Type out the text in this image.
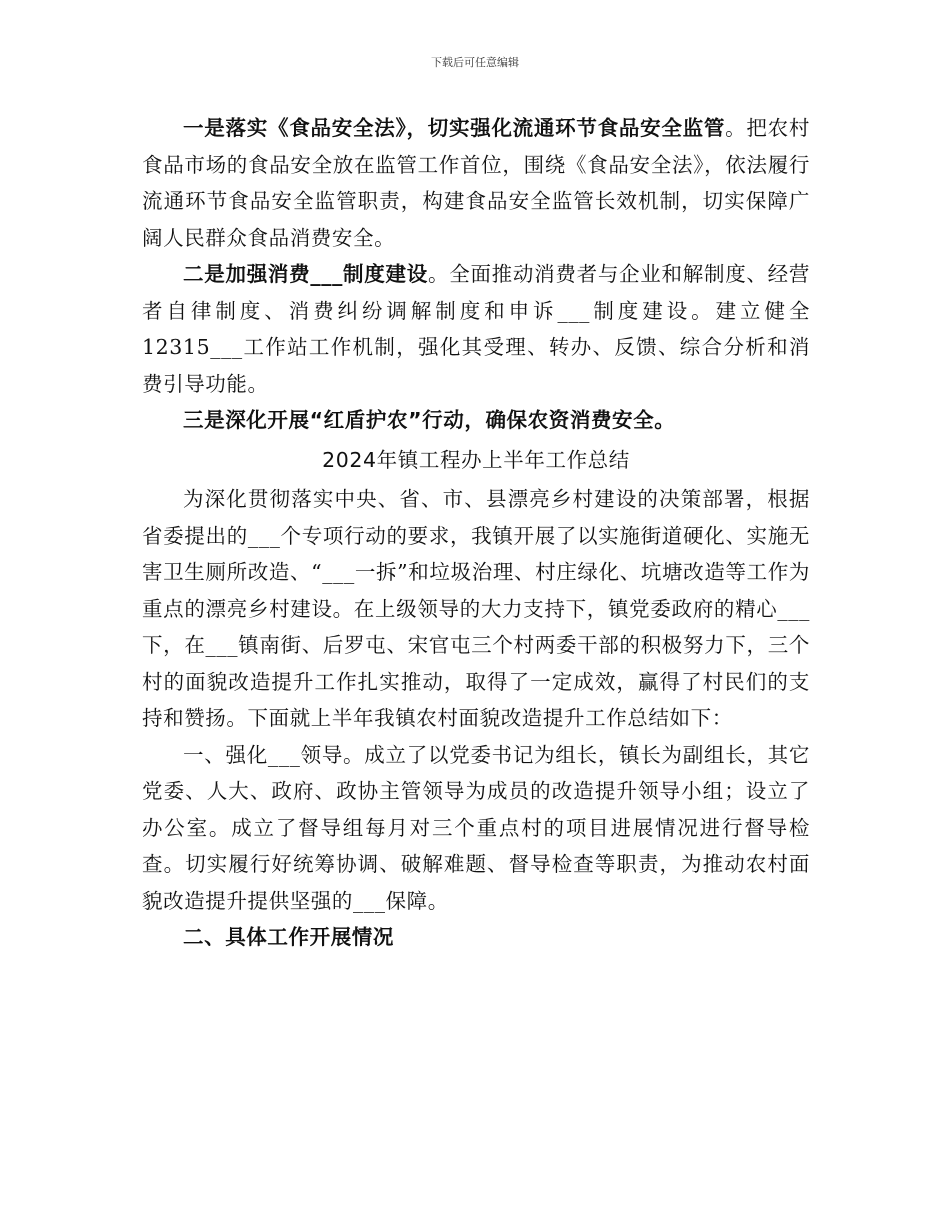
下载后可任意编辑

一是落实《食品安全法》，切实强化流通环节食品安全监管。把农村食品市场的食品安全放在监管工作首位，围绕《食品安全法》，依法履行流通环节食品安全监管职责，构建食品安全监管长效机制，切实保障广阔人民群众食品消费安全。

二是加强消费___制度建设。全面推动消费者与企业和解制度、经营者自律制度、消费纠纷调解制度和申诉___制度建设。建立健全12315___工作站工作机制，强化其受理、转办、反馈、综合分析和消费引导功能。

三是深化开展“红盾护农”行动，确保农资消费安全。

2024年镇工程办上半年工作总结

为深化贯彻落实中央、省、市、县漂亮乡村建设的决策部署，根据省委提出的___个专项行动的要求，我镇开展了以实施街道硬化、实施无害卫生厕所改造、“___一拆”和垃圾治理、村庄绿化、坑塘改造等工作为重点的漂亮乡村建设。在上级领导的大力支持下，镇党委政府的精心___下，在___镇南街、后罗屯、宋官屯三个村两委干部的积极努力下，三个村的面貌改造提升工作扎实推动，取得了一定成效，赢得了村民们的支持和赞扬。下面就上半年我镇农村面貌改造提升工作总结如下：

一、强化___领导。成立了以党委书记为组长，镇长为副组长，其它党委、人大、政府、政协主管领导为成员的改造提升领导小组；设立了办公室。成立了督导组每月对三个重点村的项目进展情况进行督导检查。切实履行好统筹协调、破解难题、督导检查等职责，为推动农村面貌改造提升提供坚强的___保障。

二、具体工作开展情况
